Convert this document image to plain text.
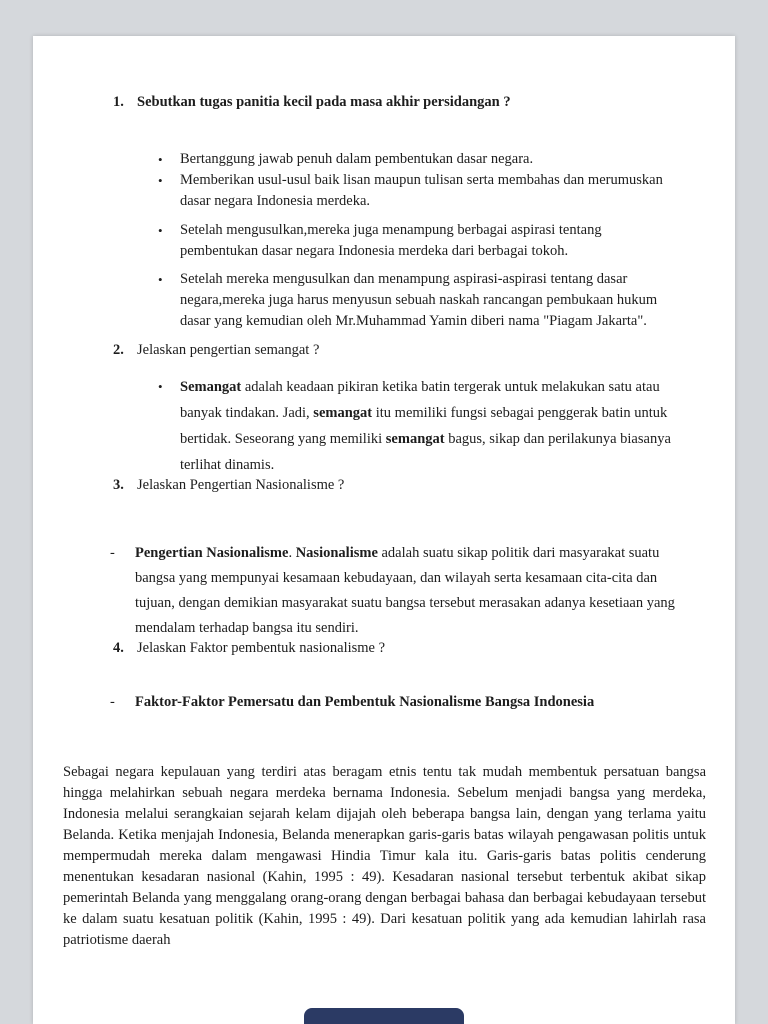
1. Sebutkan tugas panitia kecil pada masa akhir persidangan ?
•	Bertanggung jawab penuh dalam pembentukan dasar negara.
•	Memberikan usul-usul baik lisan maupun tulisan serta membahas dan merumuskan dasar negara Indonesia merdeka.
•	Setelah mengusulkan,mereka juga menampung berbagai aspirasi tentang pembentukan dasar negara Indonesia merdeka dari berbagai tokoh.
•	Setelah mereka mengusulkan dan menampung aspirasi-aspirasi tentang dasar negara,mereka juga harus menyusun sebuah naskah rancangan pembukaan hukum dasar yang kemudian oleh Mr.Muhammad Yamin diberi nama "Piagam Jakarta".
2. Jelaskan pengertian semangat ?
•	Semangat adalah keadaan pikiran ketika batin tergerak untuk melakukan satu atau banyak tindakan. Jadi, semangat itu memiliki fungsi sebagai penggerak batin untuk bertidak. Seseorang yang memiliki semangat bagus, sikap dan perilakunya biasanya terlihat dinamis.
3. Jelaskan Pengertian Nasionalisme ?
-	Pengertian Nasionalisme. Nasionalisme adalah suatu sikap politik dari masyarakat suatu bangsa yang mempunyai kesamaan kebudayaan, dan wilayah serta kesamaan cita-cita dan tujuan, dengan demikian masyarakat suatu bangsa tersebut merasakan adanya kesetiaan yang mendalam terhadap bangsa itu sendiri.
4. Jelaskan Faktor pembentuk nasionalisme ?
-	Faktor-Faktor Pemersatu dan Pembentuk Nasionalisme Bangsa Indonesia
Sebagai negara kepulauan yang terdiri atas beragam etnis tentu tak mudah membentuk persatuan bangsa hingga melahirkan sebuah negara merdeka bernama Indonesia. Sebelum menjadi bangsa yang merdeka, Indonesia melalui serangkaian sejarah kelam dijajah oleh beberapa bangsa lain, dengan yang terlama yaitu Belanda. Ketika menjajah Indonesia, Belanda menerapkan garis-garis batas wilayah pengawasan politis untuk mempermudah mereka dalam mengawasi Hindia Timur kala itu. Garis-garis batas politis cenderung menentukan kesadaran nasional (Kahin, 1995 : 49). Kesadaran nasional tersebut terbentuk akibat sikap pemerintah Belanda yang menggalang orang-orang dengan berbagai bahasa dan berbagai kebudayaan tersebut ke dalam suatu kesatuan politik (Kahin, 1995 : 49). Dari kesatuan politik yang ada kemudian lahirlah rasa patriotisme daerah
